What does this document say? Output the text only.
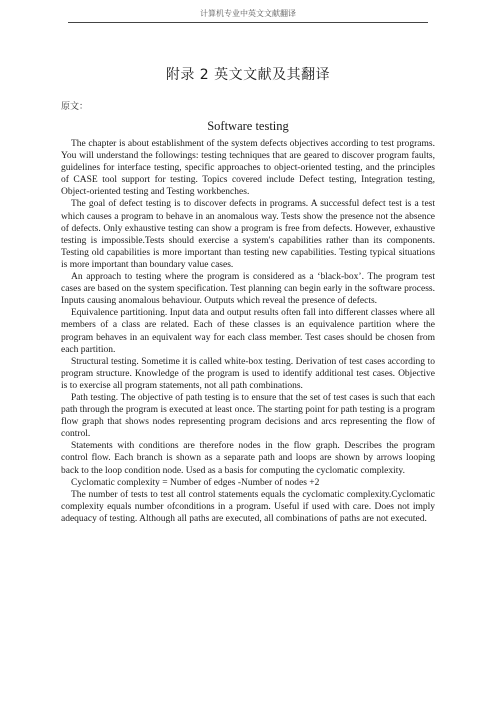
计算机专业中英文文献翻译
附录 2 英文文献及其翻译
原文：
Software testing

The chapter is about establishment of the system defects objectives according to test programs. You will understand the followings: testing techniques that are geared to discover program faults, guidelines for interface testing, specific approaches to object-oriented testing, and the principles of CASE tool support for testing. Topics covered include Defect testing, Integration testing, Object-oriented testing and Testing workbenches.

The goal of defect testing is to discover defects in programs. A successful defect test is a test which causes a program to behave in an anomalous way. Tests show the presence not the absence of defects. Only exhaustive testing can show a program is free from defects. However, exhaustive testing is impossible.Tests should exercise a system's capabilities rather than its components. Testing old capabilities is more important than testing new capabilities. Testing typical situations is more important than boundary value cases.

An approach to testing where the program is considered as a ‘black-box’. The program test cases are based on the system specification. Test planning can begin early in the software process. Inputs causing anomalous behaviour. Outputs which reveal the presence of defects.

Equivalence partitioning. Input data and output results often fall into different classes where all members of a class are related. Each of these classes is an equivalence partition where the program behaves in an equivalent way for each class member. Test cases should be chosen from each partition.

Structural testing. Sometime it is called white-box testing. Derivation of test cases according to program structure. Knowledge of the program is used to identify additional test cases. Objective is to exercise all program statements, not all path combinations.

Path testing. The objective of path testing is to ensure that the set of test cases is such that each path through the program is executed at least once. The starting point for path testing is a program flow graph that shows nodes representing program decisions and arcs representing the flow of control.

Statements with conditions are therefore nodes in the flow graph. Describes the program control flow. Each branch is shown as a separate path and loops are shown by arrows looping back to the loop condition node. Used as a basis for computing the cyclomatic complexity.

Cyclomatic complexity = Number of edges -Number of nodes +2

The number of tests to test all control statements equals the cyclomatic complexity.Cyclomatic complexity equals number ofconditions in a program. Useful if used with care. Does not imply adequacy of testing. Although all paths are executed, all combinations of paths are not executed.
